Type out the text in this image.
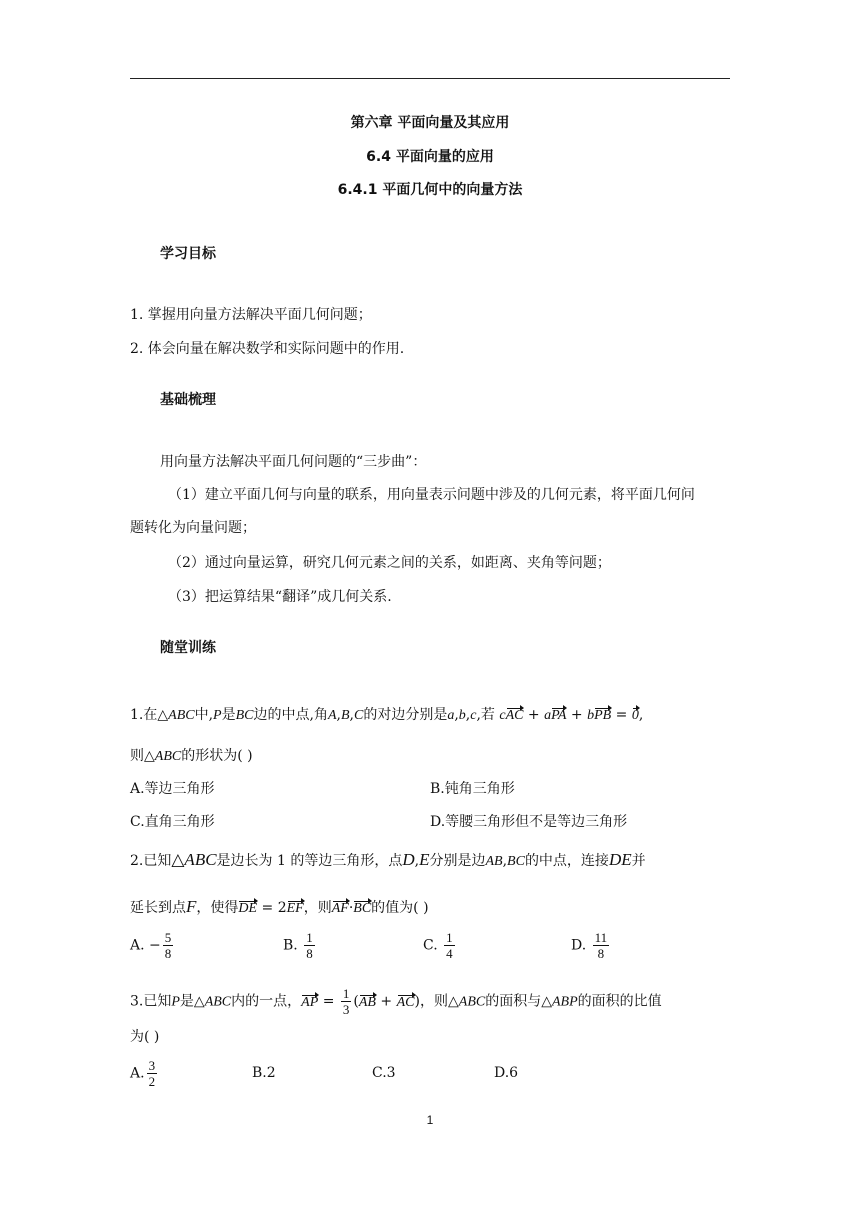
第六章 平面向量及其应用
6.4 平面向量的应用
6.4.1 平面几何中的向量方法
学习目标
1. 掌握用向量方法解决平面几何问题；
2. 体会向量在解决数学和实际问题中的作用.
基础梳理
用向量方法解决平面几何问题的“三步曲”：
（1）建立平面几何与向量的联系，用向量表示问题中涉及的几何元素，将平面几何问
题转化为向量问题；
（2）通过向量运算，研究几何元素之间的关系，如距离、夹角等问题；
（3）把运算结果“翻译”成几何关系.
随堂训练
1.在△ABC中,P是BC边的中点,角A,B,C的对边分别是a,b,c,若 cAC + aPA + bPB = 0,
则△ABC的形状为( )
A.等边三角形	B.钝角三角形
C.直角三角形	D.等腰三角形但不是等边三角形
2.已知△ABC是边长为 1 的等边三角形，点D,E分别是边AB,BC的中点，连接DE并
延长到点F，使得DE = 2EF，则AF·BC的值为( )
A. − $\frac{5}{8}$	B. $\frac{1}{8}$	C. $\frac{1}{4}$	D. $\frac{11}{8}$
3.已知P是△ABC内的一点，AP = $\frac{1}{3} (AB + AC)$，则△ABC的面积与△ABP的面积的比值
为( )
A. $\frac{3}{2}$	B.2	C.3	D.6
1
